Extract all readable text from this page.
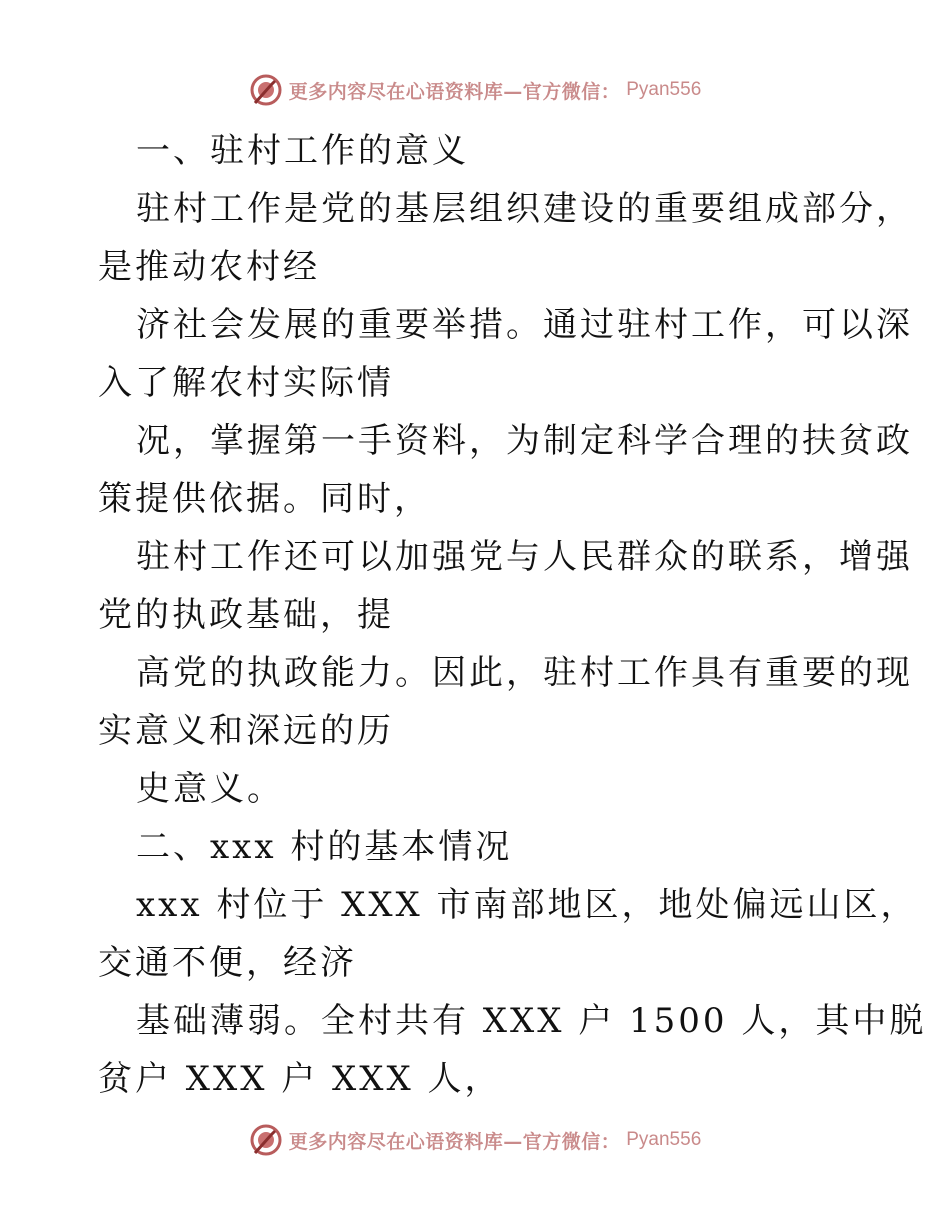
更多内容尽在心语资料库—官方微信： Pyan556

一、驻村工作的意义

驻村工作是党的基层组织建设的重要组成部分，

是推动农村经

济社会发展的重要举措。通过驻村工作，可以深

入了解农村实际情

况，掌握第一手资料，为制定科学合理的扶贫政

策提供依据。同时，

驻村工作还可以加强党与人民群众的联系，增强

党的执政基础，提

高党的执政能力。因此，驻村工作具有重要的现

实意义和深远的历

史意义。

二、xxx 村的基本情况

xxx 村位于 XXX 市南部地区，地处偏远山区，

交通不便，经济

基础薄弱。全村共有 XXX 户 1500 人，其中脱

贫户 XXX 户 XXX 人，

更多内容尽在心语资料库—官方微信： Pyan556
